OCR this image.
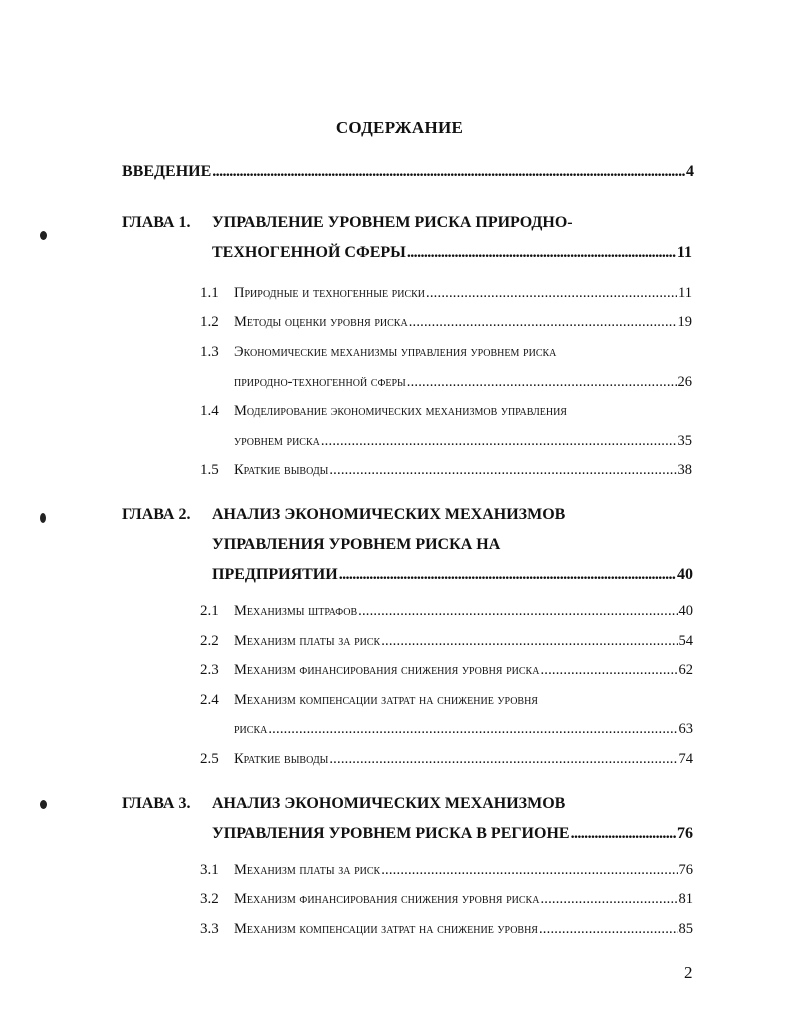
СОДЕРЖАНИЕ
ВВЕДЕНИЕ .....	4
ГЛАВА 1. УПРАВЛЕНИЕ УРОВНЕМ РИСКА ПРИРОДНО-
ТЕХНОГЕННОЙ СФЕРЫ .....	11
1.1 Природные и техногенные риски .....	11
1.2 Методы оценки уровня риска .....	19
1.3 Экономические механизмы управления уровнем риска
природно-техногенной сферы .....	26
1.4 Моделирование экономических механизмов управления
уровнем риска .....	35
1.5 Краткие выводы .....	38
ГЛАВА 2. АНАЛИЗ ЭКОНОМИЧЕСКИХ МЕХАНИЗМОВ
УПРАВЛЕНИЯ УРОВНЕМ РИСКА НА
ПРЕДПРИЯТИИ .....	40
2.1 Механизмы штрафов .....	40
2.2 Механизм платы за риск .....	54
2.3 Механизм финансирования снижения уровня риска .....	62
2.4 Механизм компенсации затрат на снижение уровня
риска .....	63
2.5 Краткие выводы .....	74
ГЛАВА 3. АНАЛИЗ ЭКОНОМИЧЕСКИХ МЕХАНИЗМОВ
УПРАВЛЕНИЯ УРОВНЕМ РИСКА В РЕГИОНЕ .....	76
3.1 Механизм платы за риск .....	76
3.2 Механизм финансирования снижения уровня риска .....	81
3.3 Механизм компенсации затрат на снижение уровня .....	85
2
